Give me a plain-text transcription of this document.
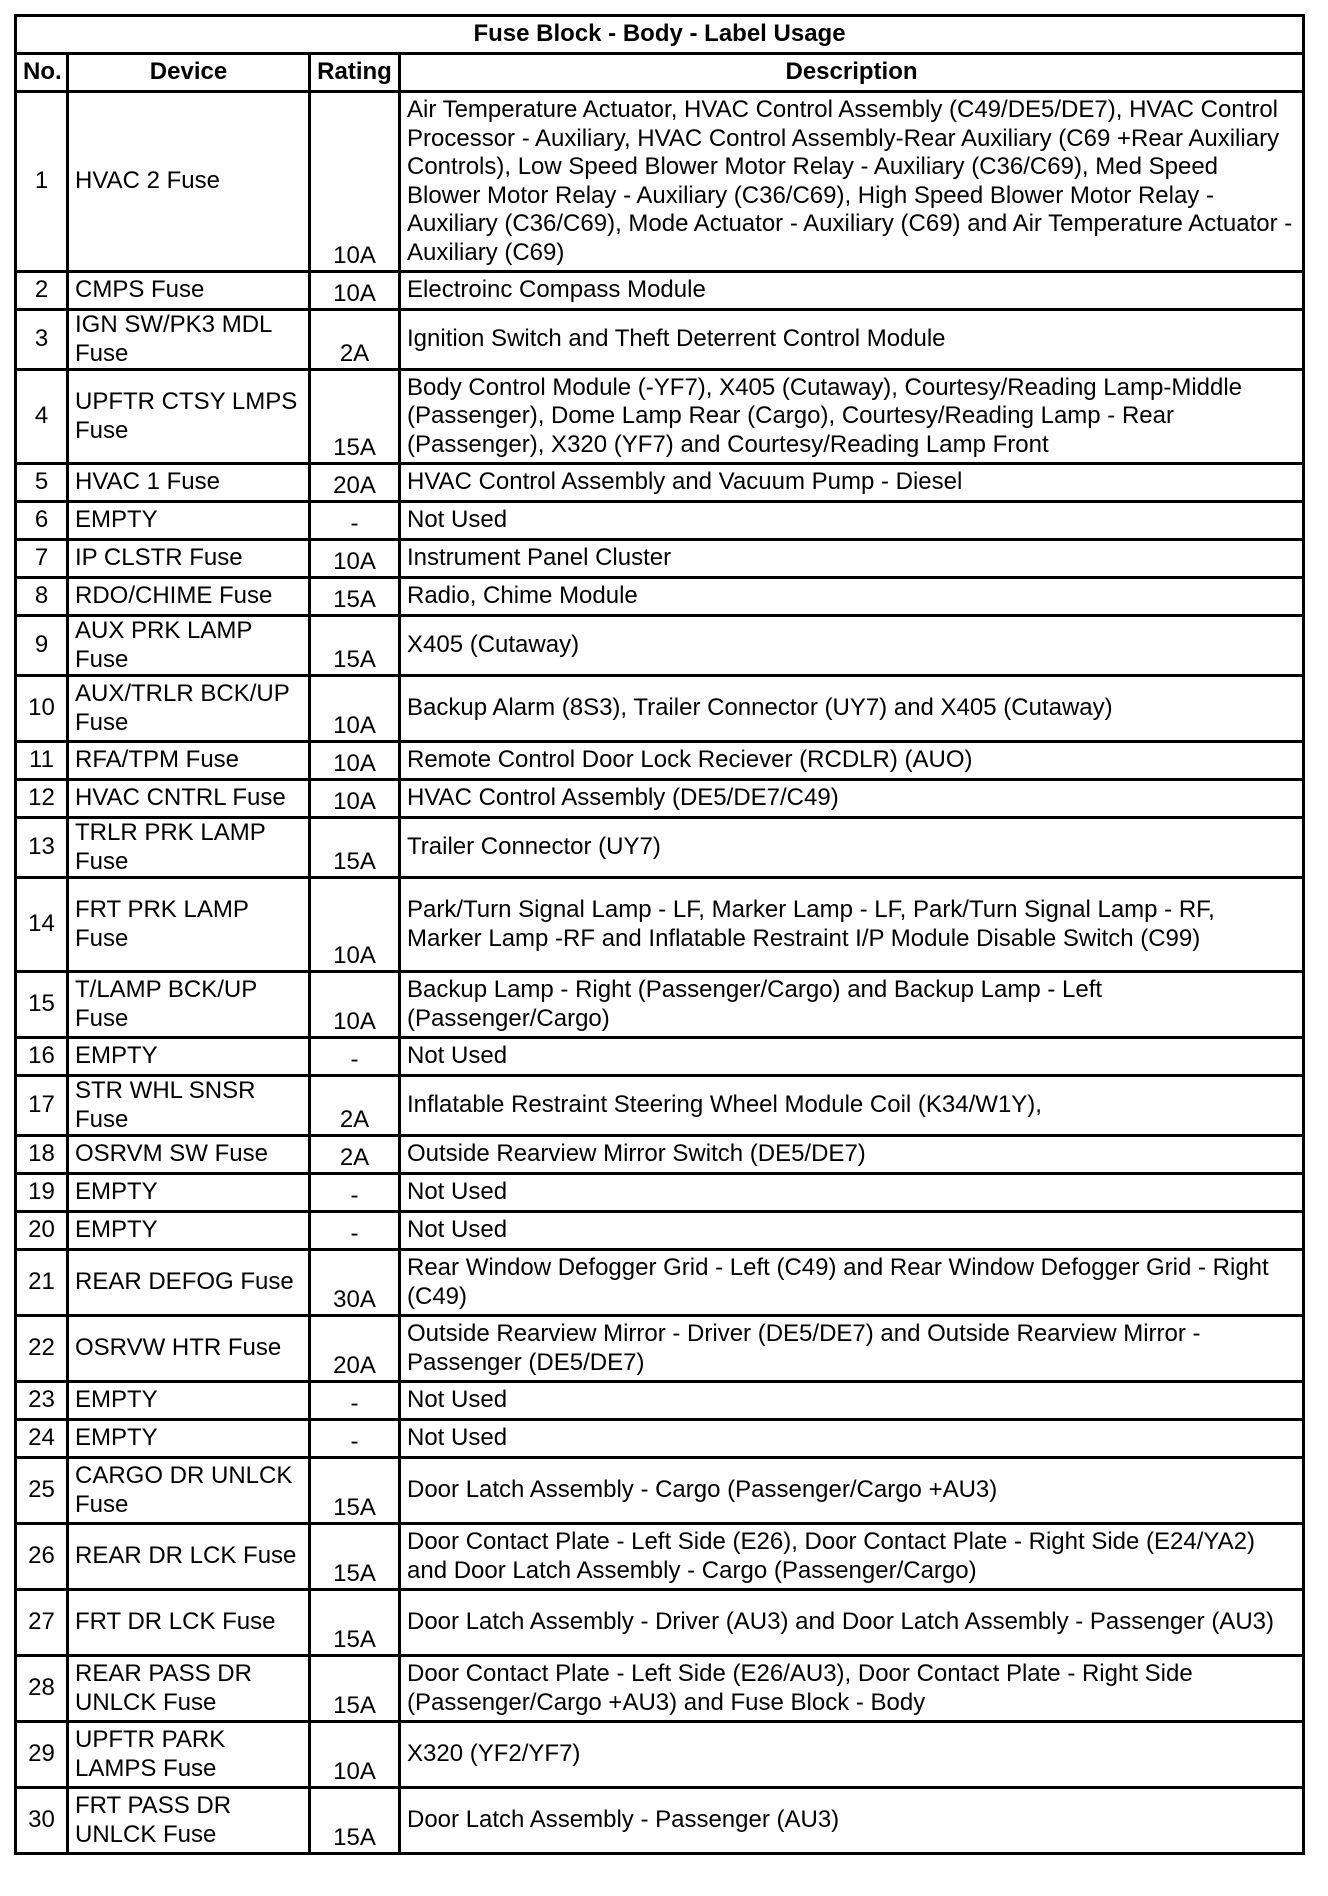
Fuse Block - Body - Label Usage			
No.	Device	Rating	Description
1	HVAC 2 Fuse	10A	Air Temperature Actuator, HVAC Control Assembly (C49/DE5/DE7), HVAC Control Processor - Auxiliary, HVAC Control Assembly-Rear Auxiliary (C69 +Rear Auxiliary Controls), Low Speed Blower Motor Relay - Auxiliary (C36/C69), Med Speed Blower Motor Relay - Auxiliary (C36/C69), High Speed Blower Motor Relay - Auxiliary (C36/C69), Mode Actuator - Auxiliary (C69) and Air Temperature Actuator - Auxiliary (C69)
2	CMPS Fuse	10A	Electroinc Compass Module
3	IGN SW/PK3 MDL Fuse	2A	Ignition Switch and Theft Deterrent Control Module
4	UPFTR CTSY LMPS Fuse	15A	Body Control Module (-YF7), X405 (Cutaway), Courtesy/Reading Lamp-Middle (Passenger), Dome Lamp Rear (Cargo), Courtesy/Reading Lamp - Rear (Passenger), X320 (YF7) and Courtesy/Reading Lamp Front
5	HVAC 1 Fuse	20A	HVAC Control Assembly and Vacuum Pump - Diesel
6	EMPTY	-	Not Used
7	IP CLSTR Fuse	10A	Instrument Panel Cluster
8	RDO/CHIME Fuse	15A	Radio, Chime Module
9	AUX PRK LAMP Fuse	15A	X405 (Cutaway)
10	AUX/TRLR BCK/UP Fuse	10A	Backup Alarm (8S3), Trailer Connector (UY7) and X405 (Cutaway)
11	RFA/TPM Fuse	10A	Remote Control Door Lock Reciever (RCDLR) (AUO)
12	HVAC CNTRL Fuse	10A	HVAC Control Assembly (DE5/DE7/C49)
13	TRLR PRK LAMP Fuse	15A	Trailer Connector (UY7)
14	FRT PRK LAMP Fuse	10A	Park/Turn Signal Lamp - LF, Marker Lamp - LF, Park/Turn Signal Lamp - RF, Marker Lamp -RF and Inflatable Restraint I/P Module Disable Switch (C99)
15	T/LAMP BCK/UP Fuse	10A	Backup Lamp - Right (Passenger/Cargo) and Backup Lamp - Left (Passenger/Cargo)
16	EMPTY	-	Not Used
17	STR WHL SNSR Fuse	2A	Inflatable Restraint Steering Wheel Module Coil (K34/W1Y),
18	OSRVM SW Fuse	2A	Outside Rearview Mirror Switch (DE5/DE7)
19	EMPTY	-	Not Used
20	EMPTY	-	Not Used
21	REAR DEFOG Fuse	30A	Rear Window Defogger Grid - Left (C49) and Rear Window Defogger Grid - Right (C49)
22	OSRVW HTR Fuse	20A	Outside Rearview Mirror - Driver (DE5/DE7) and Outside Rearview Mirror - Passenger (DE5/DE7)
23	EMPTY	-	Not Used
24	EMPTY	-	Not Used
25	CARGO DR UNLCK Fuse	15A	Door Latch Assembly - Cargo (Passenger/Cargo +AU3)
26	REAR DR LCK Fuse	15A	Door Contact Plate - Left Side (E26), Door Contact Plate - Right Side (E24/YA2) and Door Latch Assembly - Cargo (Passenger/Cargo)
27	FRT DR LCK Fuse	15A	Door Latch Assembly - Driver (AU3) and Door Latch Assembly - Passenger (AU3)
28	REAR PASS DR UNLCK Fuse	15A	Door Contact Plate - Left Side (E26/AU3), Door Contact Plate - Right Side (Passenger/Cargo +AU3) and Fuse Block - Body
29	UPFTR PARK LAMPS Fuse	10A	X320 (YF2/YF7)
30	FRT PASS DR UNLCK Fuse	15A	Door Latch Assembly - Passenger (AU3)
